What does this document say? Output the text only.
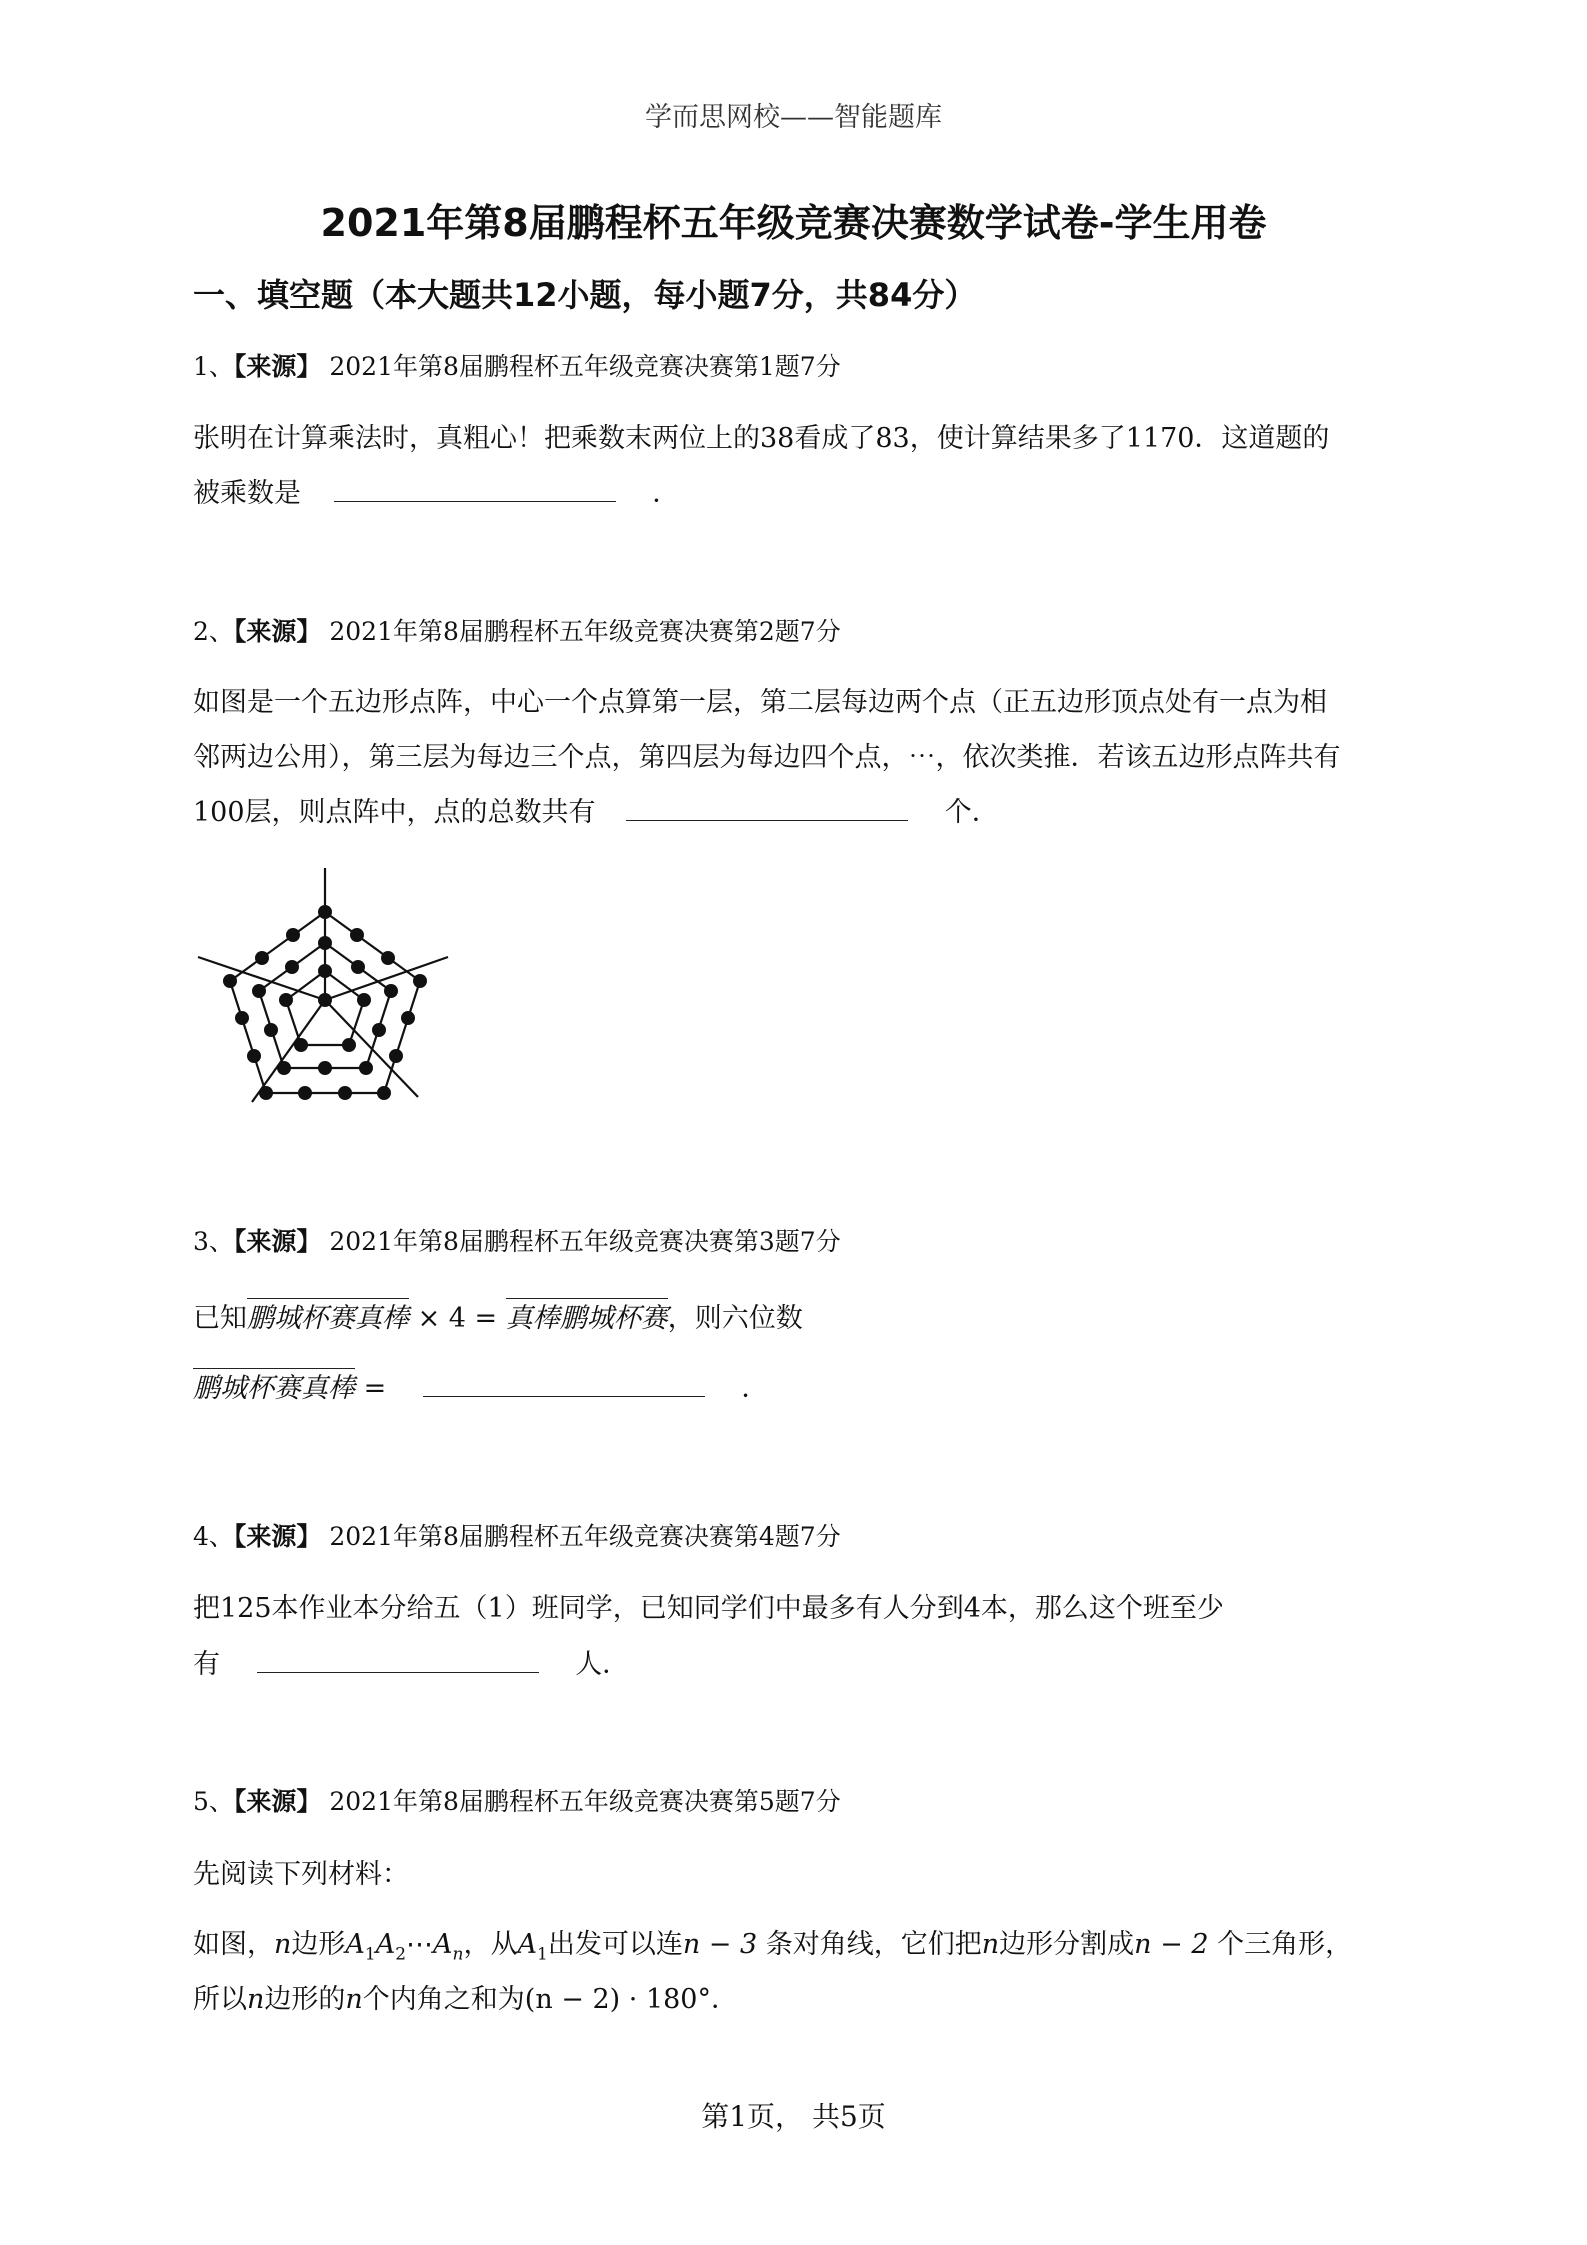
学而思网校——智能题库
2021年第8届鹏程杯五年级竞赛决赛数学试卷-学生用卷
一、填空题（本大题共12小题，每小题7分，共84分）
1、【来源】 2021年第8届鹏程杯五年级竞赛决赛第1题7分
张明在计算乘法时，真粗心！把乘数末两位上的38看成了83，使计算结果多了1170．这道题的
被乘数是	．
2、【来源】 2021年第8届鹏程杯五年级竞赛决赛第2题7分
如图是一个五边形点阵，中心一个点算第一层，第二层每边两个点（正五边形顶点处有一点为相
邻两边公用），第三层为每边三个点，第四层为每边四个点，⋯，依次类推．若该五边形点阵共有
100层，则点阵中，点的总数共有	个．
3、【来源】 2021年第8届鹏程杯五年级竞赛决赛第3题7分
已知鹏城杯赛真棒 × 4 = 真棒鹏城杯赛，则六位数
鹏城杯赛真棒 =	．
4、【来源】 2021年第8届鹏程杯五年级竞赛决赛第4题7分
把125本作业本分给五（1）班同学，已知同学们中最多有人分到4本，那么这个班至少
有	人．
5、【来源】 2021年第8届鹏程杯五年级竞赛决赛第5题7分
先阅读下列材料：
如图，n边形$A_1A_2\cdots A_n$，从$A_1$出发可以连n − 3 条对角线，它们把n边形分割成n − 2 个三角形，
所以n边形的n个内角之和为(n − 2) · 180°．
第1页， 共5页
